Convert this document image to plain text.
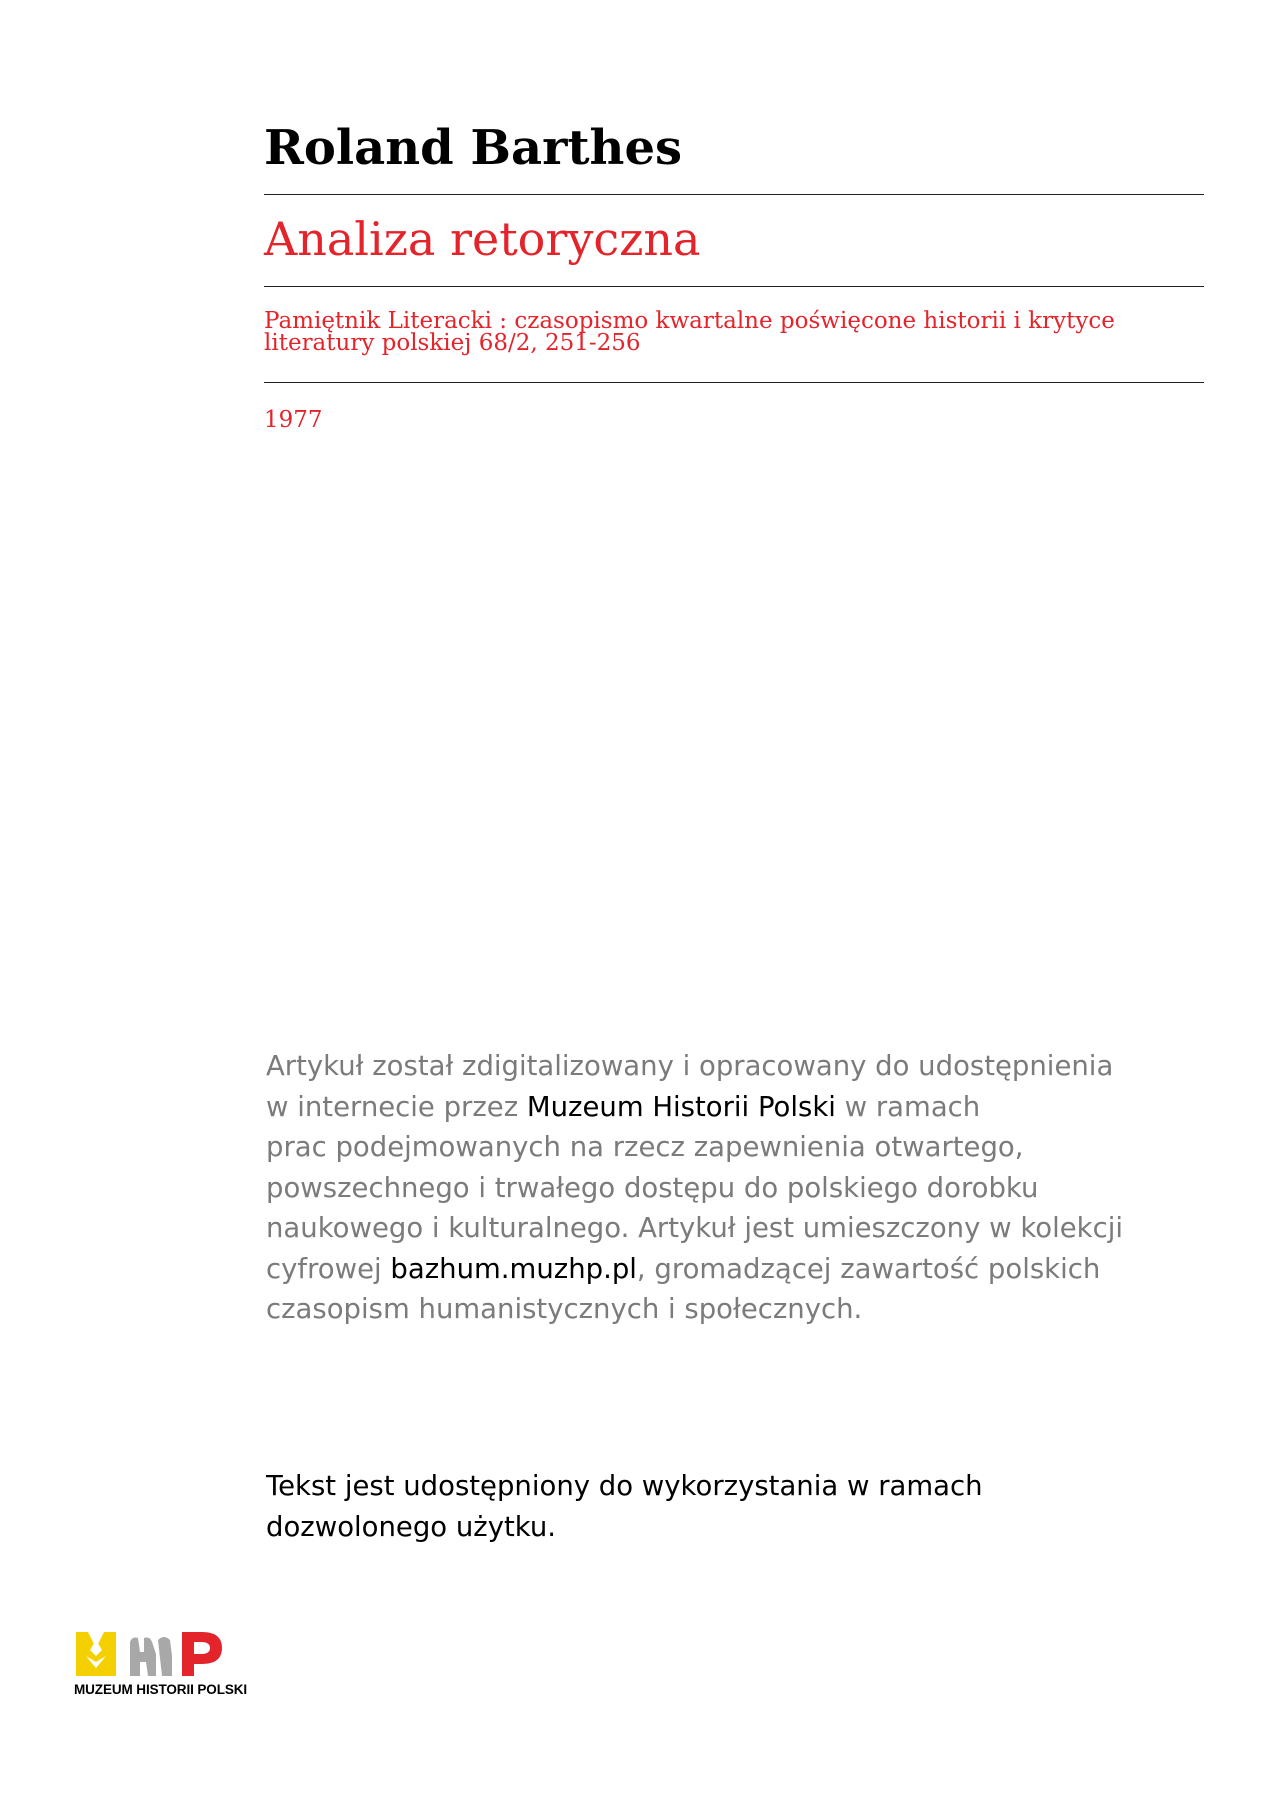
Roland Barthes
Analiza retoryczna
Pamiętnik Literacki : czasopismo kwartalne poświęcone historii i krytyce
literatury polskiej 68/2, 251-256
1977
Artykuł został zdigitalizowany i opracowany do udostępnienia
w internecie przez Muzeum Historii Polski w ramach
prac podejmowanych na rzecz zapewnienia otwartego,
powszechnego i trwałego dostępu do polskiego dorobku
naukowego i kulturalnego. Artykuł jest umieszczony w kolekcji
cyfrowej bazhum.muzhp.pl, gromadzącej zawartość polskich
czasopism humanistycznych i społecznych.
Tekst jest udostępniony do wykorzystania w ramach
dozwolonego użytku.
MUZEUM HISTORII POLSKI
